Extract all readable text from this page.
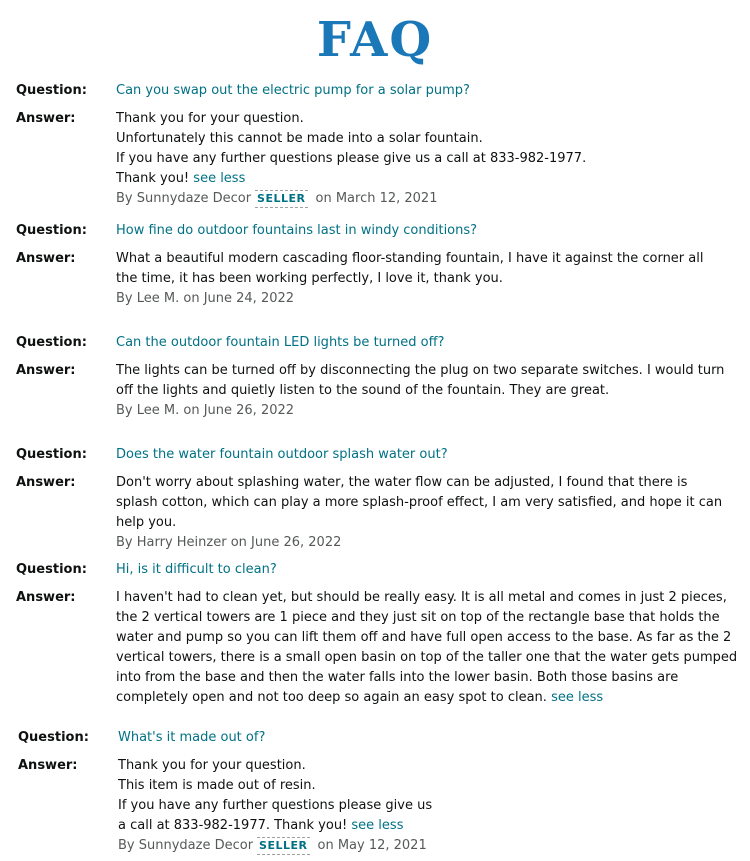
FAQ
Question: Can you swap out the electric pump for a solar pump?
Answer:	Thank you for your question.
Unfortunately this cannot be made into a solar fountain.
If you have any further questions please give us a call at 833-982-1977.
Thank you! see less
By Sunnydaze Decor SELLER on March 12, 2021
Question: How fine do outdoor fountains last in windy conditions?
Answer:	What a beautiful modern cascading floor-standing fountain, I have it against the corner all the time, it has been working perfectly, I love it, thank you.
By Lee M. on June 24, 2022
Question: Can the outdoor fountain LED lights be turned off?
Answer:	The lights can be turned off by disconnecting the plug on two separate switches. I would turn off the lights and quietly listen to the sound of the fountain. They are great.
By Lee M. on June 26, 2022
Question: Does the water fountain outdoor splash water out?
Answer:	Don't worry about splashing water, the water flow can be adjusted, I found that there is splash cotton, which can play a more splash-proof effect, I am very satisfied, and hope it can help you.
By Harry Heinzer on June 26, 2022
Question: Hi, is it difficult to clean?
Answer:	I haven't had to clean yet, but should be really easy. It is all metal and comes in just 2 pieces, the 2 vertical towers are 1 piece and they just sit on top of the rectangle base that holds the water and pump so you can lift them off and have full open access to the base. As far as the 2 vertical towers, there is a small open basin on top of the taller one that the water gets pumped into from the base and then the water falls into the lower basin. Both those basins are completely open and not too deep so again an easy spot to clean. see less
Question: What's it made out of?
Answer:	Thank you for your question.
This item is made out of resin.
If you have any further questions please give us
a call at 833-982-1977. Thank you! see less
By Sunnydaze Decor SELLER on May 12, 2021
